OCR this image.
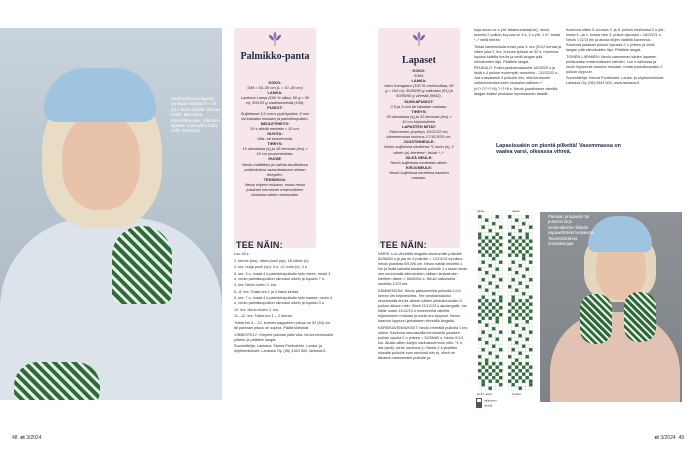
Neulo partaa ja lapaset mintagar-mukaan 5 – 14 (z) L-koon ohjeilla. Sininen neule, Max Mara, Kansallismuseo. Villahattu lapaset: A Beautiful Story /Villa Tremendo.
Palmikko-panta
KOKO:
S/M = 54–56 cm (L = 57–59 cm)
LANKA:
Lankava Lampi (100 % villaa, 50 g = 50 m); 50/100 g vaaleansinistä (106).
PUIKOT:
Suljettavat 3,5 mm:n pyöröpuikot; 8 mm tai käsialan mukaan ja palmikkopuikko.
NEULETIHEYS:
19 s sileää neuletta = 10 cm.
HUVITA:
Villa- tai konneneula.
TIHEYS:
16 silmukkaa (s) ja 18 kerrosta (krs) = 10 cm joustoneuletta.
HUOM!
Neulo mallitiikko ja vaihda tarvittaessa puikkokokoa saavuttaaksesi oikean tiheyden.
TEKNIIKKA:
Neulo ohjeen mukaan, mutta neulo jokainen kerroksen ensimmäinen silmukka oikein neulomatta.
TEE NÄIN:

Luo 18 s.

1. kerros (krs), oikea puoli (op): 18 oikein (o).

2. krs, nurja puoli (np): 3 o, 12 nurin (n), 3 o.

3. krs: 3 o, nosta 4 s palmikkopuikolle työn eteen, neulo 4 o, neulo palmikkopuikon silmukat oikein ja lopuksi 7 o.

4. krs: Neulo kuten 2. krs.

5.–8. krs: Toista krs 1 ja 2 kaksi kertaa.

9. krs: 7 o, nosta 4 s palmikkopuikolle työn taakse, neulo 4 o, neulo palmikkopuikon silmukat oikein ja lopuksi 3 o.

10. krs: Neulo kuten 2. krs.

11.–12. krs: Toista krs 1 – 2 kerran.

Toista krs 3 – 12, kunnes kappaleen pituus on 52 (54) cm tai pantaan pituus on sopiva. Päätä silmukat.

VIIMEISTELY: Ompele pannan päät villa- tai konneneulalla yhteen ja päättele langat.

Suunnittelija: Lankava, Sanna Pehkulehto. Lanka: ja ohjetoimitukset: Lankava Oy, (06) 4343 500, lankava.fi.

48 et 3/2024
Lapaset
KOKO:
S/M/L
LANKA:
Isten Kamgaarn (100 % merinovillaa, 50 g = 153 m): 50/50/50 g valkoista (01) ja 50/50/50 g vihreää (9942).
SUKKAPUIKOT:
2,5 ja 3 mm tai käsialan mukaan.
TIHEYS:
30 silmukkaa (s) ja 32 kerrosta (krs) = 10 cm kirjoneuletta.
LAPASTEN MITAT:
Kämmenen ympärys 19/21/22 cm, kämmenosan korkeus 17/18,5/20 cm.
JOUSTINNEULE:
Neulo suljettuna neuleena *1 nurin (n), 1 oikein (o) kierteen*, toista *–*.
SILEÄ NEULE:
Neulo suljettuna neuleena oikein.
KIRJONEULE:
Neulo suljettuna neuleena kaavion mukaan.
TEE NÄIN:

VARSI: Luo vihreällä langalla ohuemmille puikoille 52/56/60 s ja jaa ne 4 puikolle = 13/14/15 s/puikko. Neulo joustinta 5/5,5/6 cm. Neulo sileää neuletta 1 krs ja lisää samalla tasaisesti puikolle 1 s tasan aivan sen neulomalla silmukoiden välisen lankalenkin kierteen oikein = 56/60/64 s. Neulo valkoisella neuletta 1/2/3 krs.

KÄMMENOSA: Neulo paksummilla puikoilla 1/1/1 kerran krs kirjoneuletta. Tee peukalonaukko seuraavalla krs:lla oikean käden peukalonaukko 3. puikon alkuun näin: Siirrä 11/12/13 s apulangalle, luo tilalle uudet 11/12/13 s molemmilla väreillä kirjoneuleen mukaan ja neulo krs loppuun. Neulo kaavion loppuun jarkahtaen vihreällä langalla.

KÄRKIKAVENNUKSET: Neulo vihreällä puikolla 1 krs oikein. Kavenna seuraavalla kerroksella jokaisen puikon lopulla 2 o yhteen = 52/56/60 s. Neulo 0/1/1 krs. Alusta sitten kärjen nauhakavennus näin: *1 o, ota (sinä), siirrä, kavenna (= Neuta 2 s yksittäin oikealle puikolle kuin neuloisit niin e), siirrä ne takaisin vasemmalle puikolle ja

kuja neulo ne o yht. takareunasta(vsr), neulo, kunnes 2 puikon kuj-sua on 3 s, 2 o yht, 1 o*, toista *–* vielä kerran.

Toista kavennuksia ensin joka 3. krs (0/1/2 kertaa ja sitten joka 2. krs, kunnes työssä on 32 s. Kavenna lopuksi kaikilla krs:lla ja vedä langan pää silmukoiden läpi. Päättele langat.

PEUKALO: Poimi peukalonaukolta 18/20/20 s ja lisää s 4 puikon molempiin reunoihin – 20/22/22 s. Jaa s tasaisesti 4 puikolle niin, että kerroksen vaihtumiskohta tulee peukalon kärkeen + (n7+7/7+7+8) 7+7+8 s. Neulo joustinneen väreillä langan lisäksi peukalon kynsinauhan tasalle.

Kavenna sitten 5–koossa 3. ja 5. puikon keskiossa 2 o yht., mutta 4.–ja 1. kossa vain 3. puikon kjuosaa = 18/20/21 s. Neulo 1 (2/2) krs ja alusta ilkijen vädellä kavennus. Kavenna jokaisen puikon lopussa 2 o yhteen ja vedä langan pää silmukoiden läpi. Päättele langat.

TOINEN LAPANEN: Neulo vasemman käden lapanen peilikuvaksi ensimmäiseen nähden. Luo s vahlossa ja neulo kirjoneule kaavion mukaan, mutta peukalonaukko 2 puikon loppuun.

Suunnittelija: Hanna Pouttuinen. Lanka: ja ohjetoimitukset: Lankava Oy, (06) 4343 500, www.lankava.fi.

Lapasissakin on pientä pilkettä! Vasemmassa on vaalea varsi, oikeassa vihreä.
oikea	vasen
M & L-koko	S-koko
valkoinen
vihreä
Pantaan ja lapasiin tai puseron kirjo neuleratkohin riittävät vapaaehtoiset lankakerä. Tavaratoimikset, Zunkakengas.
et 3/2024 49
